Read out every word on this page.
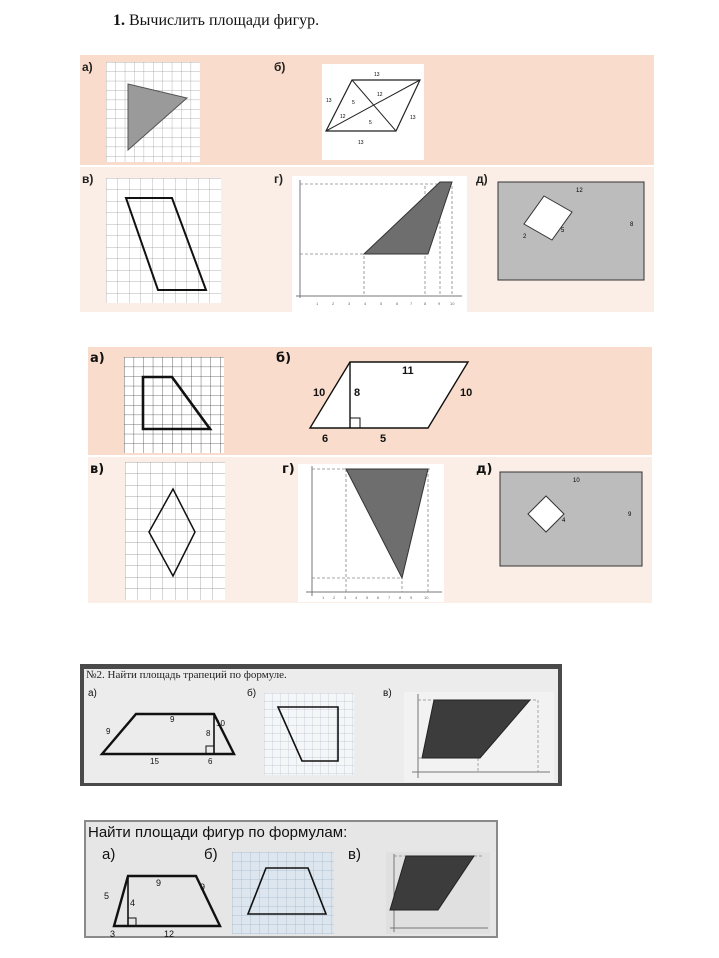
1. Вычислить площади фигур.
а)	б)
в)	г)	д)
13
13	5
12
12
5
13
13
1	2	3	4	5	6	7	8	9 10
12
8
2
5
а)	б)
в)	г)	д)
11
10	8	10
6	5
1 2 3 4 5 6 7 8 9	10
10
9
4
№2. Найти площадь трапеций по формуле.
а)	б)	в)
9
9	10
8
15	6
Найти площади фигур по формулам:
а)	б)	в)
5
9	9
4
3	12
